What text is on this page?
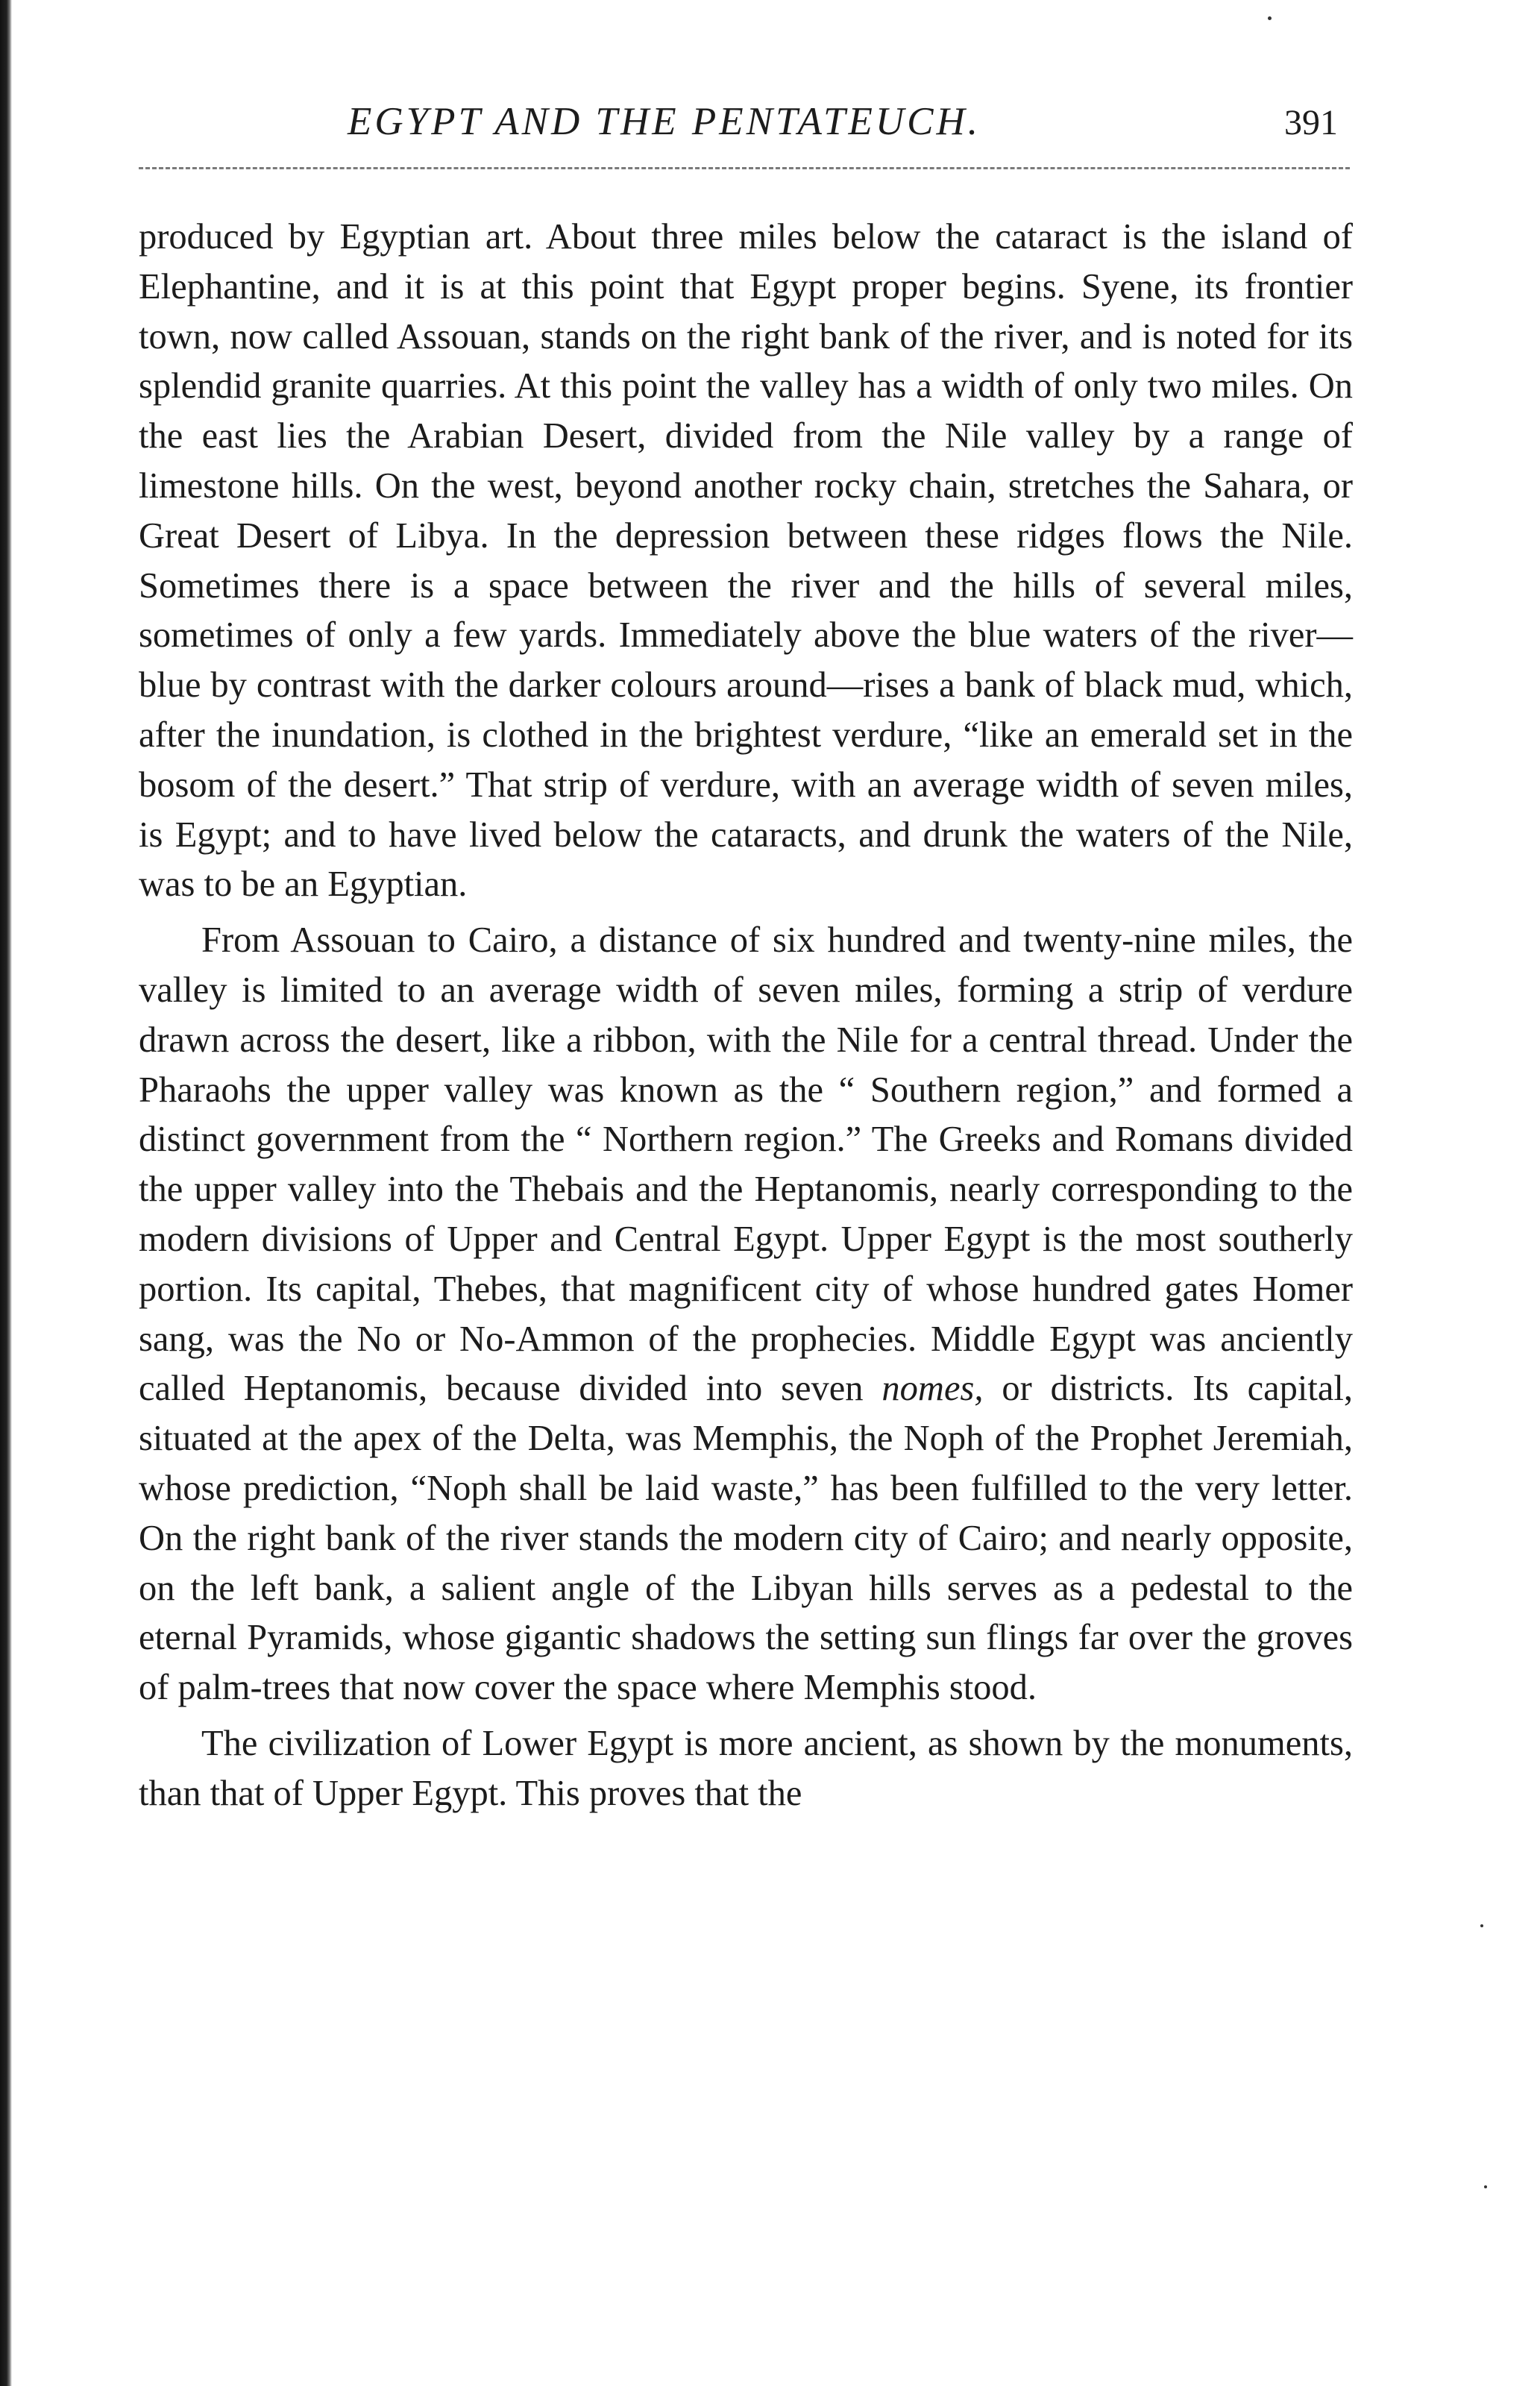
EGYPT AND THE PENTATEUCH.	391

produced by Egyptian art. About three miles below the cataract is the island of Elephantine, and it is at this point that Egypt proper begins. Syene, its frontier town, now called Assouan, stands on the right bank of the river, and is noted for its splendid granite quarries. At this point the valley has a width of only two miles. On the east lies the Arabian Desert, divided from the Nile valley by a range of limestone hills. On the west, beyond another rocky chain, stretches the Sahara, or Great Desert of Libya. In the depression between these ridges flows the Nile. Sometimes there is a space between the river and the hills of several miles, sometimes of only a few yards. Immediately above the blue waters of the river—blue by contrast with the darker colours around—rises a bank of black mud, which, after the inundation, is clothed in the brightest verdure, “like an emerald set in the bosom of the desert.” That strip of verdure, with an average width of seven miles, is Egypt; and to have lived below the cataracts, and drunk the waters of the Nile, was to be an Egyptian.

From Assouan to Cairo, a distance of six hundred and twenty-nine miles, the valley is limited to an average width of seven miles, forming a strip of verdure drawn across the desert, like a ribbon, with the Nile for a central thread. Under the Pharaohs the upper valley was known as the “ Southern region,” and formed a distinct government from the “ Northern region.” The Greeks and Romans divided the upper valley into the Thebais and the Heptanomis, nearly corresponding to the modern divisions of Upper and Central Egypt. Upper Egypt is the most southerly portion. Its capital, Thebes, that magnificent city of whose hundred gates Homer sang, was the No or No-Ammon of the prophecies. Middle Egypt was anciently called Heptanomis, because divided into seven nomes, or districts. Its capital, situated at the apex of the Delta, was Memphis, the Noph of the Prophet Jeremiah, whose prediction, “Noph shall be laid waste,” has been fulfilled to the very letter. On the right bank of the river stands the modern city of Cairo; and nearly opposite, on the left bank, a salient angle of the Libyan hills serves as a pedestal to the eternal Pyramids, whose gigantic shadows the setting sun flings far over the groves of palm-trees that now cover the space where Memphis stood.

The civilization of Lower Egypt is more ancient, as shown by the monuments, than that of Upper Egypt. This proves that the
